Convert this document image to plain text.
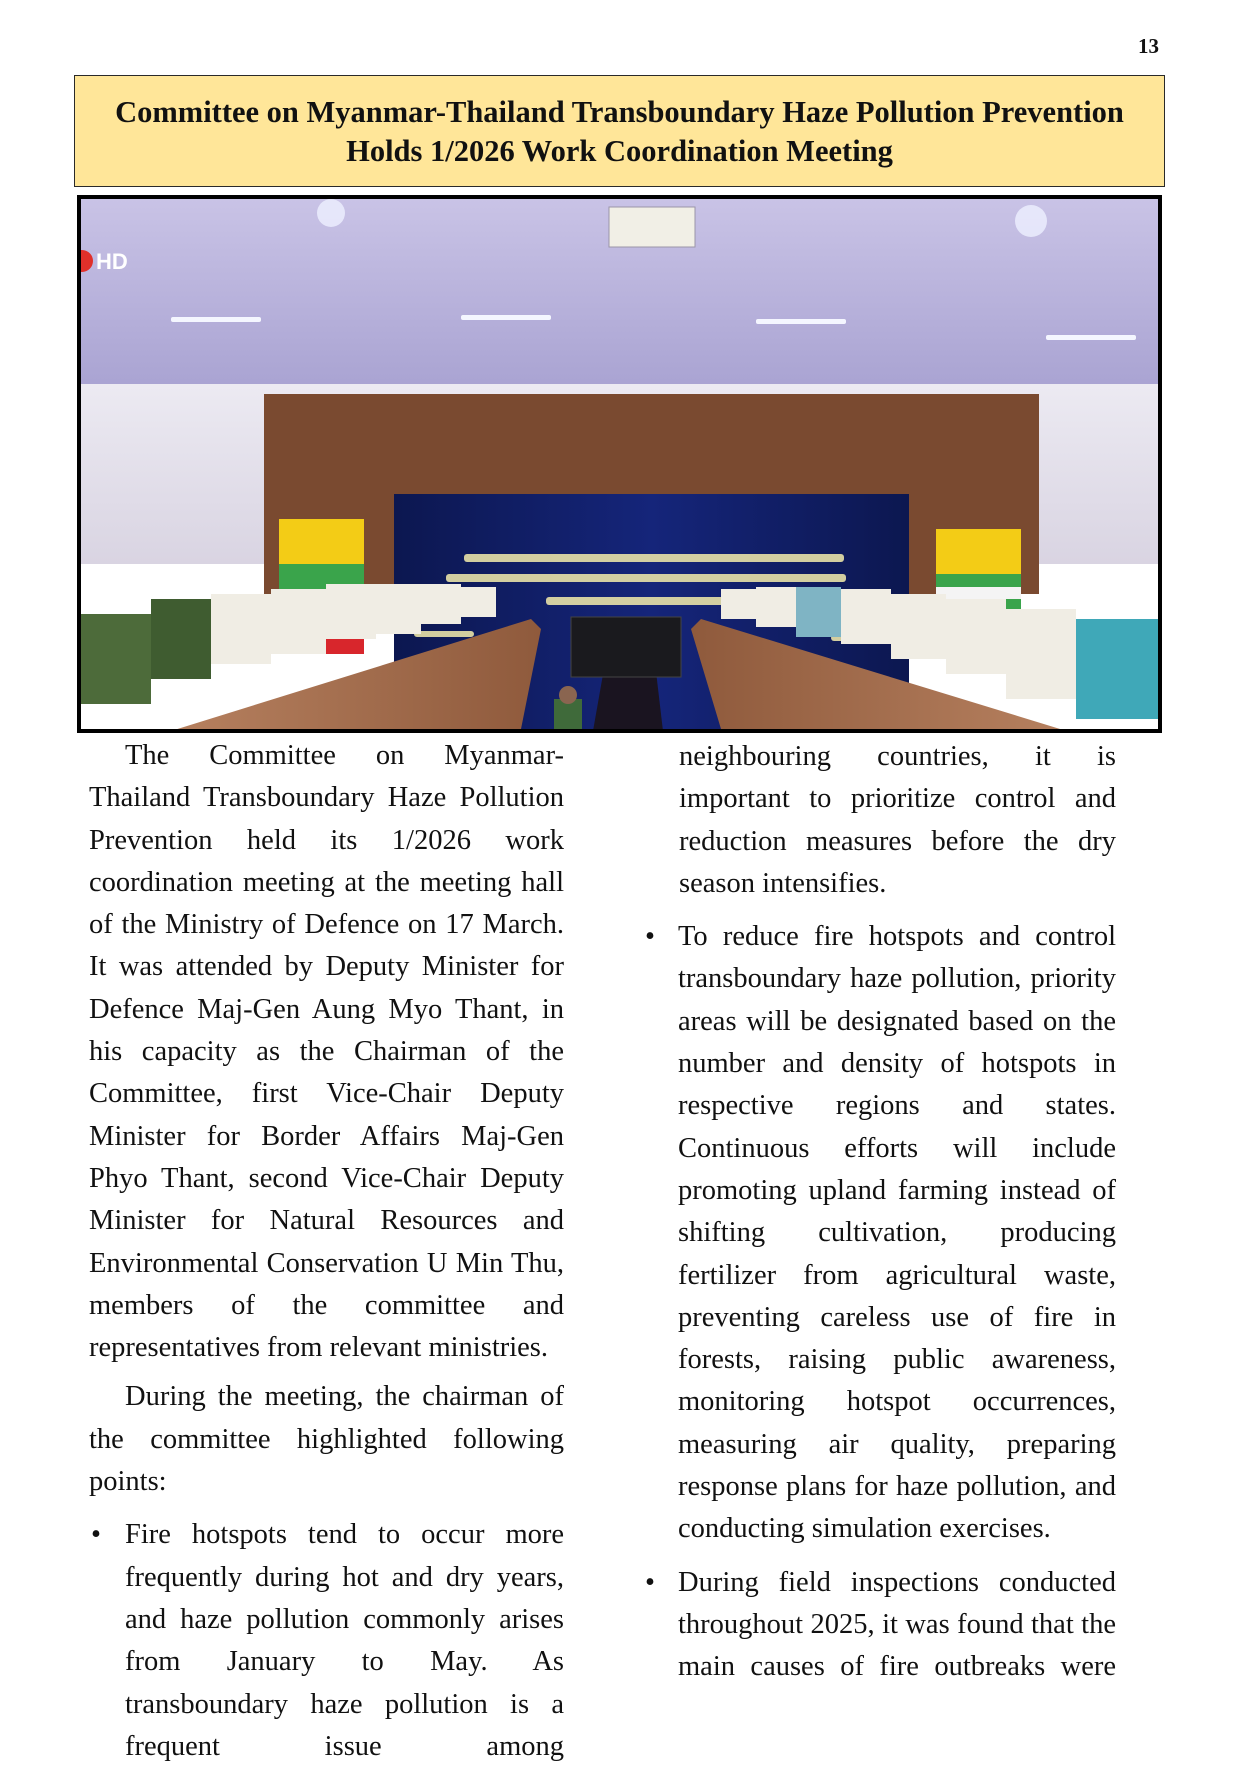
13
Committee on Myanmar-Thailand Transboundary Haze Pollution Prevention
Holds 1/2026 Work Coordination Meeting
HD

The Committee on Myanmar-Thailand Transboundary Haze Pollution Prevention held its 1/2026 work coordination meeting at the meeting hall of the Ministry of Defence on 17 March. It was attended by Deputy Minister for Defence Maj-Gen Aung Myo Thant, in his capacity as the Chairman of the Committee, first Vice-Chair Deputy Minister for Border Affairs Maj-Gen Phyo Thant, second Vice-Chair Deputy Minister for Natural Resources and Environmental Conservation U Min Thu, members of the committee and representatives from relevant ministries.

During the meeting, the chairman of the committee highlighted following points:

• Fire hotspots tend to occur more frequently during hot and dry years, and haze pollution commonly arises from January to May. As transboundary haze pollution is a frequent issue among

neighbouring countries, it is important to prioritize control and reduction measures before the dry season intensifies.

• To reduce fire hotspots and control transboundary haze pollution, priority areas will be designated based on the number and density of hotspots in respective regions and states. Continuous efforts will include promoting upland farming instead of shifting cultivation, producing fertilizer from agricultural waste, preventing careless use of fire in forests, raising public awareness, monitoring hotspot occurrences, measuring air quality, preparing response plans for haze pollution, and conducting simulation exercises.
• During field inspections conducted throughout 2025, it was found that the main causes of fire outbreaks were
